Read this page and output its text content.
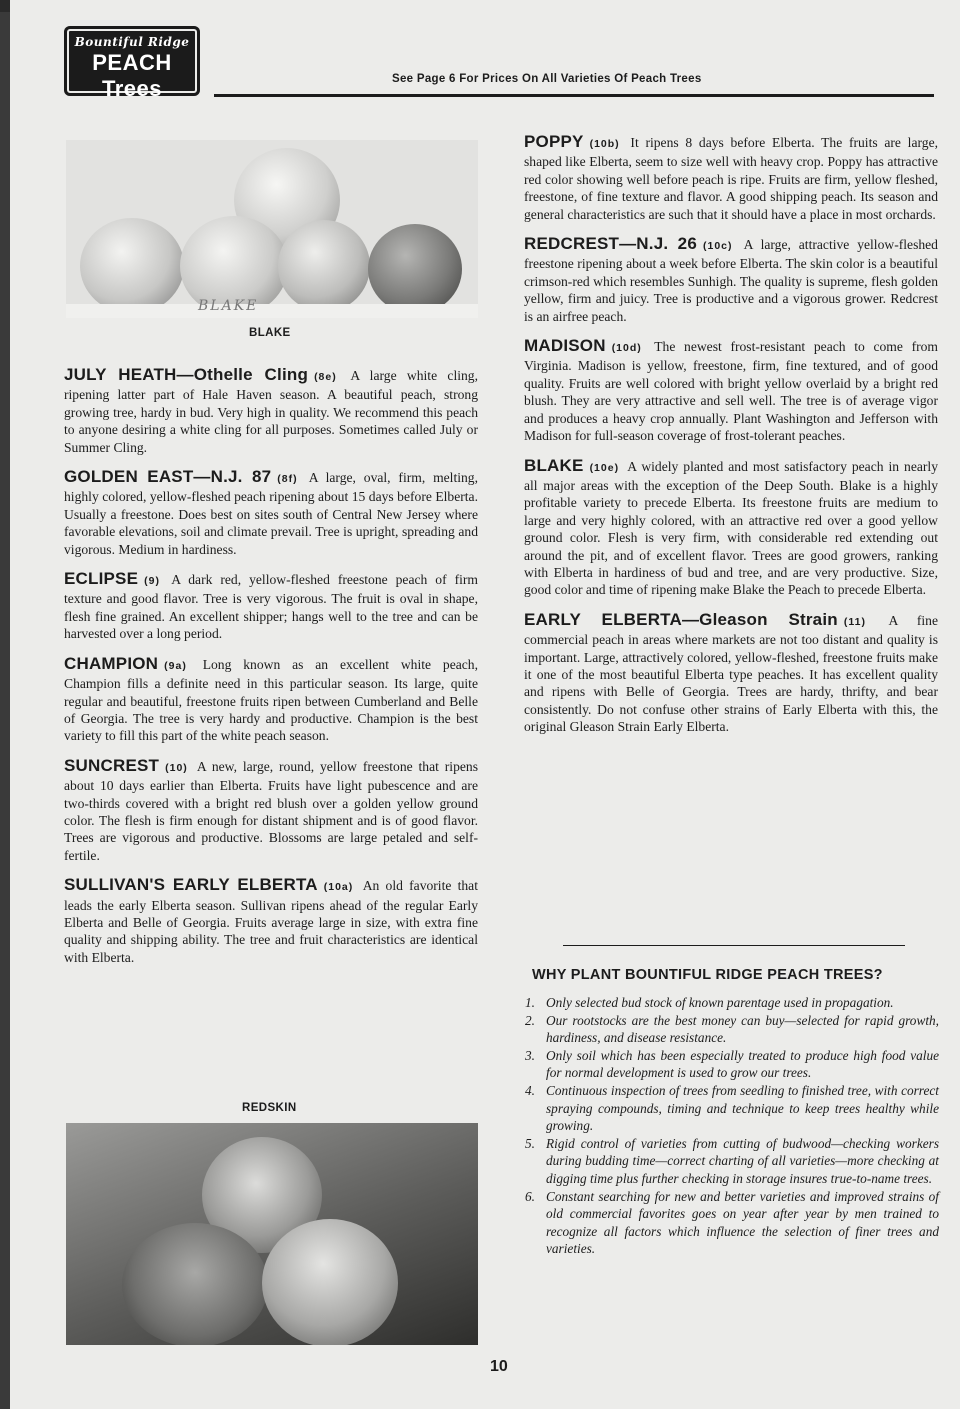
Bountiful Ridge
PEACH Trees	See Page 6 For Prices On All Varieties Of Peach Trees
BLAKE
BLAKE

JULY HEATH—Othelle Cling (8e) A large white cling, ripening latter part of Hale Haven season. A beautiful peach, strong growing tree, hardy in bud. Very high in quality. We recommend this peach to anyone desiring a white cling for all purposes. Sometimes called July or Summer Cling.

GOLDEN EAST—N.J. 87 (8f) A large, oval, firm, melting, highly colored, yellow-fleshed peach ripening about 15 days before Elberta. Usually a freestone. Does best on sites south of Central New Jersey where favorable elevations, soil and climate prevail. Tree is upright, spreading and vigorous. Medium in hardiness.

ECLIPSE (9) A dark red, yellow-fleshed freestone peach of firm texture and good flavor. Tree is very vigorous. The fruit is oval in shape, flesh fine grained. An excellent shipper; hangs well to the tree and can be harvested over a long period.

CHAMPION (9a) Long known as an excellent white peach, Champion fills a definite need in this particular season. Its large, quite regular and beautiful, freestone fruits ripen between Cumberland and Belle of Georgia. The tree is very hardy and productive. Champion is the best variety to fill this part of the white peach season.

SUNCREST (10) A new, large, round, yellow freestone that ripens about 10 days earlier than Elberta. Fruits have light pubescence and are two-thirds covered with a bright red blush over a golden yellow ground color. The flesh is firm enough for distant shipment and is of good flavor. Trees are vigorous and productive. Blossoms are large petaled and self-fertile.

SULLIVAN'S EARLY ELBERTA (10a) An old favorite that leads the early Elberta season. Sullivan ripens ahead of the regular Early Elberta and Belle of Georgia. Fruits average large in size, with extra fine quality and shipping ability. The tree and fruit characteristics are identical with Elberta.

REDSKIN

POPPY (10b) It ripens 8 days before Elberta. The fruits are large, shaped like Elberta, seem to size well with heavy crop. Poppy has attractive red color showing well before peach is ripe. Fruits are firm, yellow fleshed, freestone, of fine texture and flavor. A good shipping peach. Its season and general characteristics are such that it should have a place in most orchards.

REDCREST—N.J. 26 (10c) A large, attractive yellow-fleshed freestone ripening about a week before Elberta. The skin color is a beautiful crimson-red which resembles Sunhigh. The quality is supreme, flesh golden yellow, firm and juicy. Tree is productive and a vigorous grower. Redcrest is an airfree peach.

MADISON (10d) The newest frost-resistant peach to come from Virginia. Madison is yellow, freestone, firm, fine textured, and of good quality. Fruits are well colored with bright yellow overlaid by a bright red blush. They are very attractive and sell well. The tree is of average vigor and produces a heavy crop annually. Plant Washington and Jefferson with Madison for full-season coverage of frost-tolerant peaches.

BLAKE (10e) A widely planted and most satisfactory peach in nearly all major areas with the exception of the Deep South. Blake is a highly profitable variety to precede Elberta. Its freestone fruits are medium to large and very highly colored, with an attractive red over a good yellow ground color. Flesh is very firm, with considerable red extending out around the pit, and of excellent flavor. Trees are good growers, ranking with Elberta in hardiness of bud and tree, and are very productive. Size, good color and time of ripening make Blake the Peach to precede Elberta.

EARLY ELBERTA—Gleason Strain (11) A fine commercial peach in areas where markets are not too distant and quality is important. Large, attractively colored, yellow-fleshed, freestone fruits make it one of the most beautiful Elberta type peaches. It has excellent quality and ripens with Belle of Georgia. Trees are hardy, thrifty, and bear consistently. Do not confuse other strains of Early Elberta with this, the original Gleason Strain Early Elberta.

WHY PLANT BOUNTIFUL RIDGE PEACH TREES?
1. Only selected bud stock of known parentage used in propagation.
2. Our rootstocks are the best money can buy—selected for rapid growth, hardiness, and disease resistance.
3. Only soil which has been especially treated to produce high food value for normal development is used to grow our trees.
4. Continuous inspection of trees from seedling to finished tree, with correct spraying compounds, timing and technique to keep trees healthy while growing.
5. Rigid control of varieties from cutting of budwood—checking workers during budding time—correct charting of all varieties—more checking at digging time plus further checking in storage insures true-to-name trees.
6. Constant searching for new and better varieties and improved strains of old commercial favorites goes on year after year by men trained to recognize all factors which influence the selection of finer trees and varieties.
10
